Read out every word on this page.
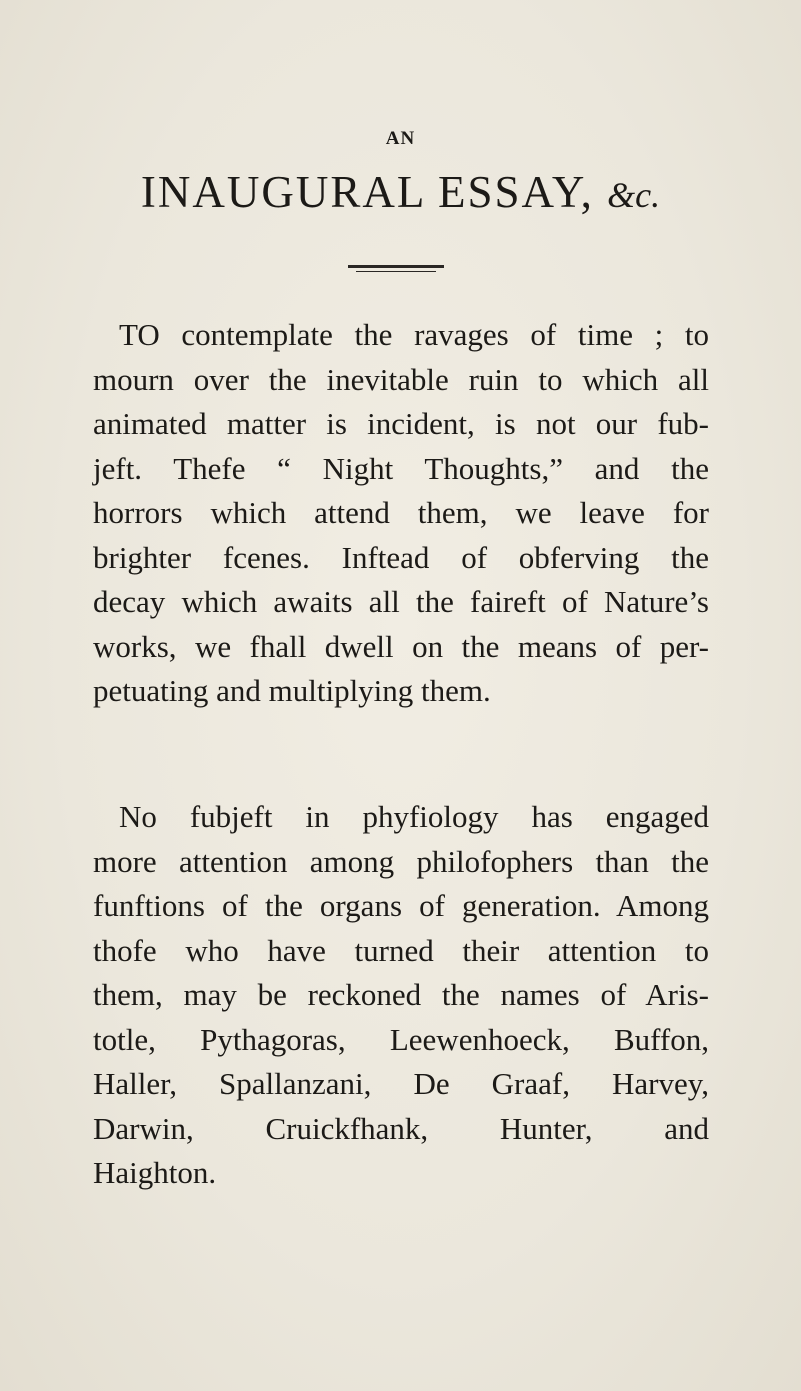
AN
INAUGURAL ESSAY, &c.
TO contemplate the ravages of time ; to
mourn over the inevitable ruin to which all
animated matter is incident, is not our fub-
jeft. Thefe “ Night Thoughts,” and the
horrors which attend them, we leave for
brighter fcenes. Inftead of obferving the
decay which awaits all the faireft of Nature’s
works, we fhall dwell on the means of per-
petuating and multiplying them.
No fubjeft in phyfiology has engaged
more attention among philofophers than the
funftions of the organs of generation. Among
thofe who have turned their attention to
them, may be reckoned the names of Aris-
totle, Pythagoras, Leewenhoeck, Buffon,
Haller, Spallanzani, De Graaf, Harvey,
Darwin, Cruickfhank, Hunter, and
Haighton.
